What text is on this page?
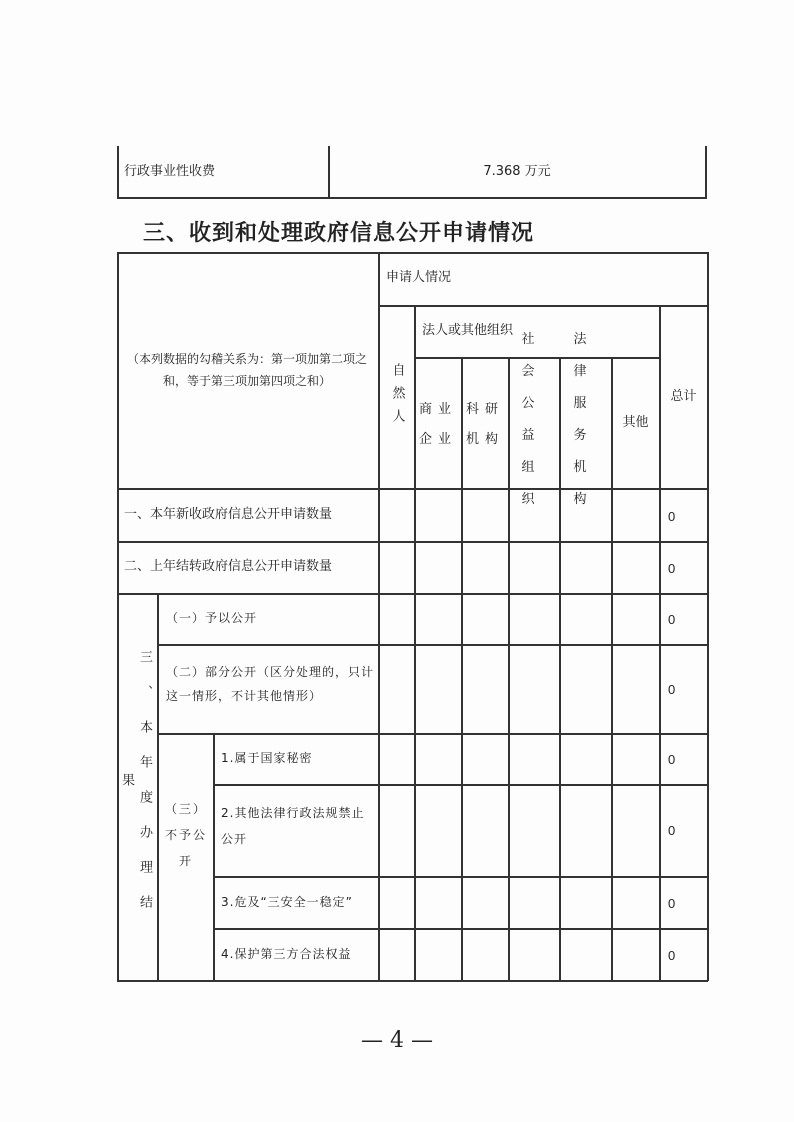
行政事业性收费	7.368 万元
三、收到和处理政府信息公开申请情况
（本列数据的勾稽关系为：第一项加第二项之和，等于第三项加第四项之和）
申请人情况
自然人
法人或其他组织
商业企业
科研机构
社会公益组织
法律服务机构
其他
总计
一、本年新收政府信息公开申请数量
二、上年结转政府信息公开申请数量
三、本年度办理结果
（一）予以公开
（二）部分公开（区分处理的，只计这一情形，不计其他情形）
（三）不予公开
1.属于国家秘密
2.其他法律行政法规禁止公开
3.危及“三安全一稳定”
4.保护第三方合法权益
0
0
0
0
0
0
0
0
— 4 —
